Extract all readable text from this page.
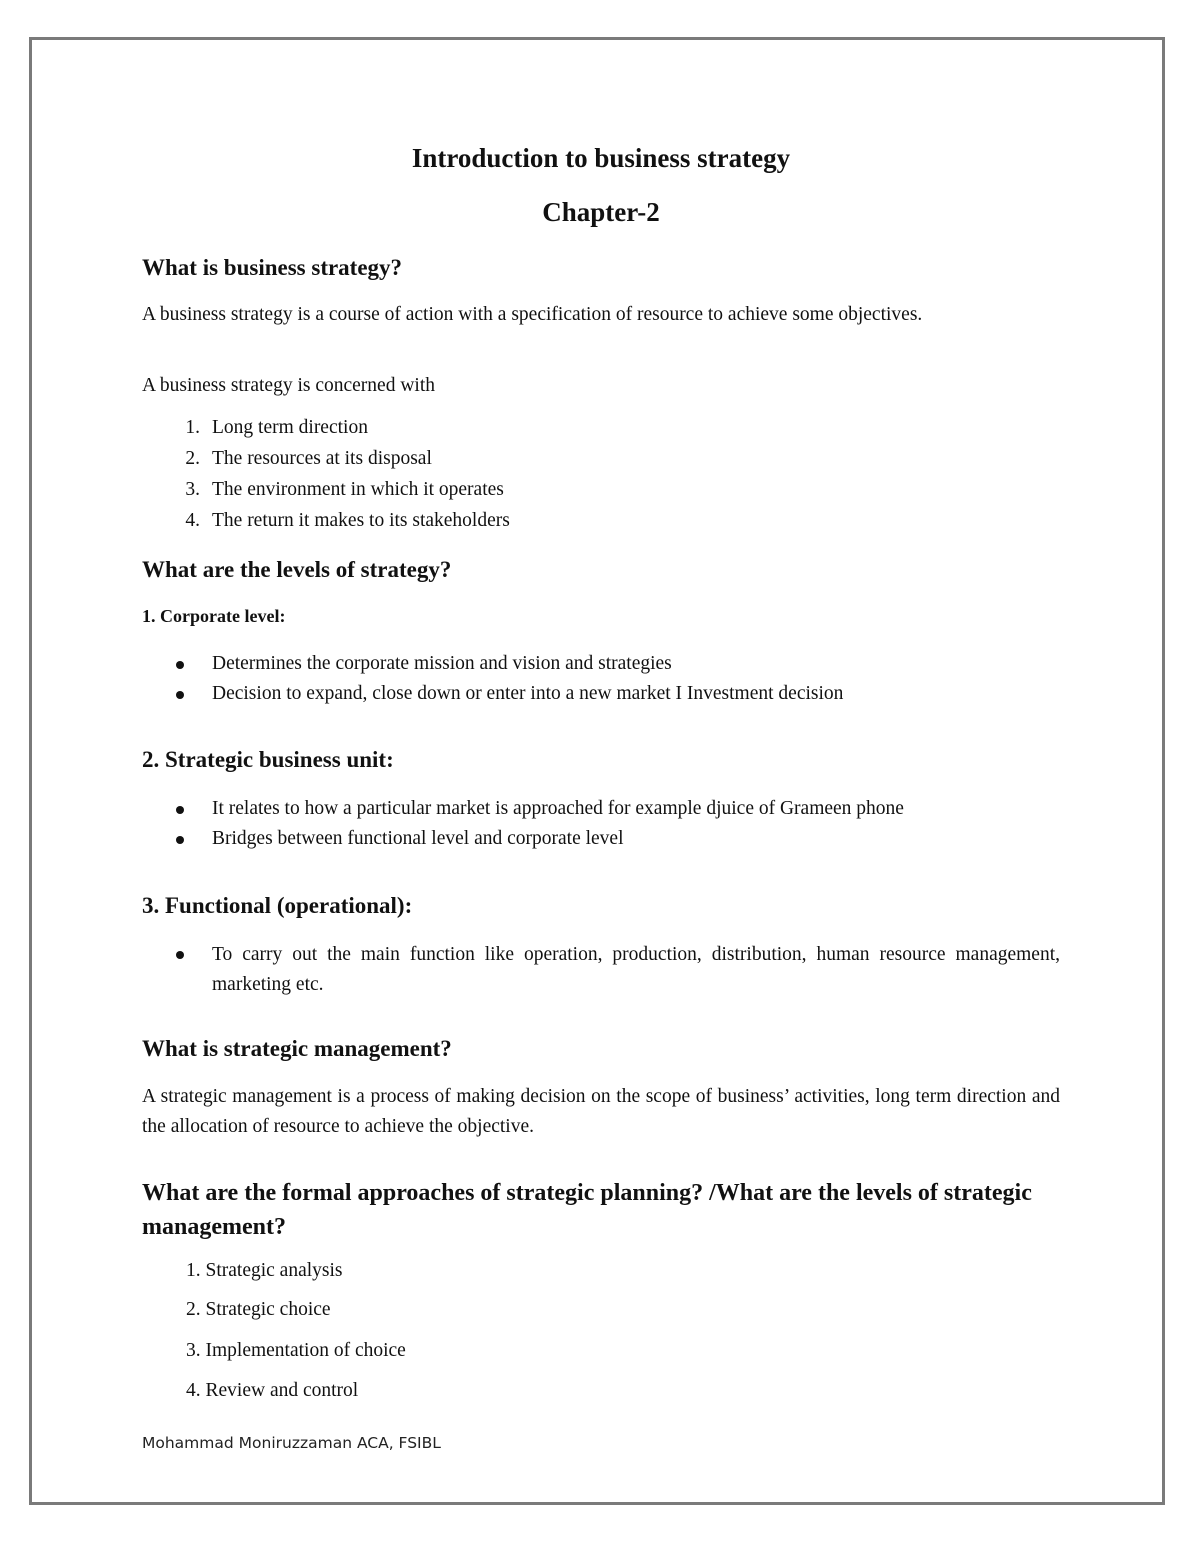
Introduction to business strategy
Chapter-2
What is business strategy?

A business strategy is a course of action with a specification of resource to achieve some objectives.

A business strategy is concerned with

1. Long term direction
2. The resources at its disposal
3. The environment in which it operates
4. The return it makes to its stakeholders
What are the levels of strategy?
1. Corporate level:
Determines the corporate mission and vision and strategies
Decision to expand, close down or enter into a new market I Investment decision
2. Strategic business unit:
It relates to how a particular market is approached for example djuice of Grameen phone
Bridges between functional level and corporate level
3. Functional (operational):
To carry out the main function like operation, production, distribution, human resource management, marketing etc.
What is strategic management?

A strategic management is a process of making decision on the scope of business’ activities, long term direction and the allocation of resource to achieve the objective.

What are the formal approaches of strategic planning? /What are the levels of strategic management?
1. Strategic analysis
2. Strategic choice
3. Implementation of choice
4. Review and control
Mohammad Moniruzzaman ACA, FSIBL
